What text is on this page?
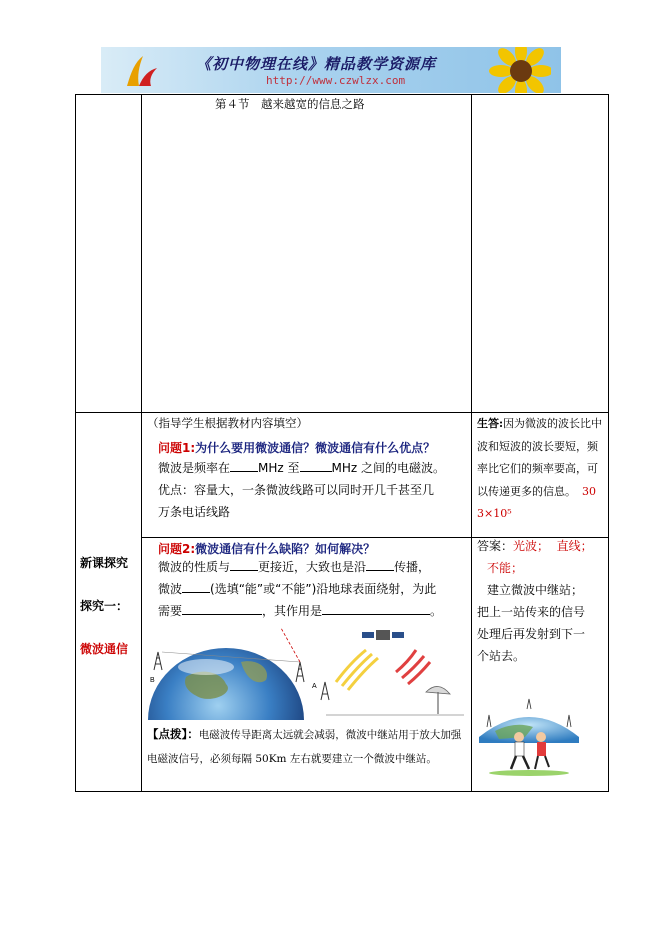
《初中物理在线》精品教学资源库
http://www.czwlzx.com
第４节　越来越宽的信息之路
新课探究
探究一：
微波通信
（指导学生根据教材内容填空）
问题1:为什么要用微波通信？微波通信有什么优点？
微波是频率在 MHz 至	MHz 之间的电磁波。
优点：容量大，一条微波线路可以同时开几千甚至几
万条电话线路
生答:因为微波的波长比中波和短波的波长要短，频率比它们的频率要高，可以传递更多的信息。 30　3×10⁵
问题2:微波通信有什么缺陷？如何解决？
微波的性质与 更接近，大致也是沿 传播，
微波 (选填“能”或“不能”)沿地球表面绕射，为此
需要	，其作用是	。
答案：光波； 直线；
不能；
建立微波中继站；
把上一站传来的信号
处理后再发射到下一
个站去。
B
A
【点拨】：电磁波传导距离太远就会减弱，微波中继站用于放大加强电磁波信号，必须每隔 50Km 左右就要建立一个微波中继站。
